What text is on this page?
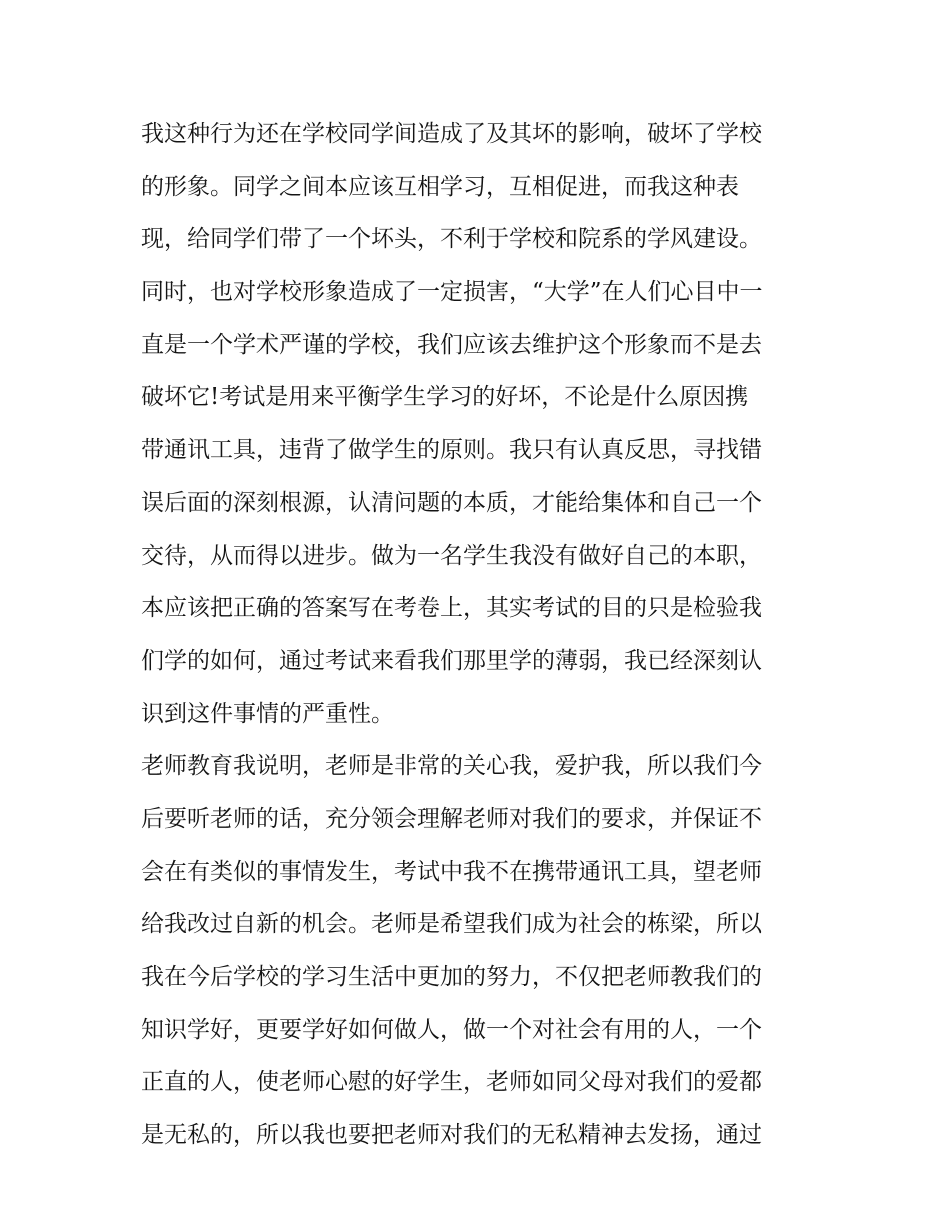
我这种行为还在学校同学间造成了及其坏的影响，破坏了学校
的形象。同学之间本应该互相学习，互相促进，而我这种表
现，给同学们带了一个坏头，不利于学校和院系的学风建设。
同时，也对学校形象造成了一定损害，“大学”在人们心目中一
直是一个学术严谨的学校，我们应该去维护这个形象而不是去
破坏它!考试是用来平衡学生学习的好坏，不论是什么原因携
带通讯工具，违背了做学生的原则。我只有认真反思，寻找错
误后面的深刻根源，认清问题的本质，才能给集体和自己一个
交待，从而得以进步。做为一名学生我没有做好自己的本职，
本应该把正确的答案写在考卷上，其实考试的目的只是检验我
们学的如何，通过考试来看我们那里学的薄弱，我已经深刻认
识到这件事情的严重性。
老师教育我说明，老师是非常的关心我，爱护我，所以我们今
后要听老师的话，充分领会理解老师对我们的要求，并保证不
会在有类似的事情发生，考试中我不在携带通讯工具，望老师
给我改过自新的机会。老师是希望我们成为社会的栋梁，所以
我在今后学校的学习生活中更加的努力，不仅把老师教我们的
知识学好，更要学好如何做人，做一个对社会有用的人，一个
正直的人，使老师心慰的好学生，老师如同父母对我们的爱都
是无私的，所以我也要把老师对我们的无私精神去发扬，通过
